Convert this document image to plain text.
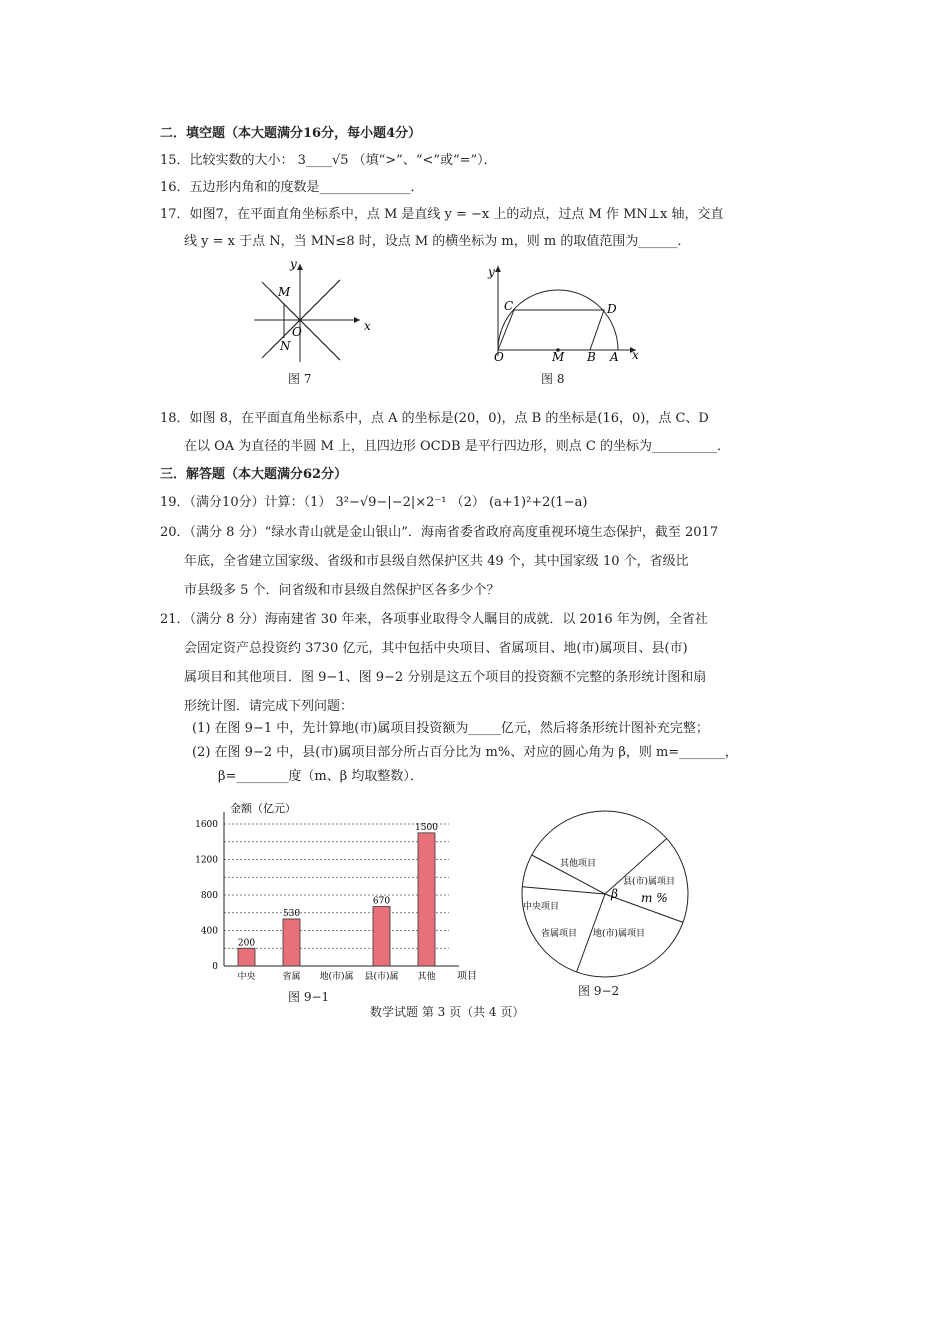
二．填空题（本大题满分16分，每小题4分）
15．比较实数的大小： 3____√5 （填“>”、“<”或“=”）．
16．五边形内角和的度数是______________．
17．如图7，在平面直角坐标系中，点 M 是直线 y = −x 上的动点，过点 M 作 MN⊥x 轴，交直
线 y = x 于点 N，当 MN≤8 时，设点 M 的横坐标为 m，则 m 的取值范围为______．
x
y
M
O
N
图 7
y
C	D
O	M B A x
图 8
18．如图 8，在平面直角坐标系中，点 A 的坐标是(20，0)，点 B 的坐标是(16，0)，点 C、D
在以 OA 为直径的半圆 M 上，且四边形 OCDB 是平行四边形，则点 C 的坐标为__________．
三．解答题（本大题满分62分）
19．（满分10分）计算：（1） 3²−√9−|−2|×2⁻¹ （2） (a+1)²+2(1−a)
20．（满分 8 分）“绿水青山就是金山银山”．海南省委省政府高度重视环境生态保护，截至 2017
年底，全省建立国家级、省级和市县级自然保护区共 49 个，其中国家级 10 个，省级比
市县级多 5 个．问省级和市县级自然保护区各多少个？
21．（满分 8 分）海南建省 30 年来，各项事业取得令人瞩目的成就．以 2016 年为例，全省社
会固定资产总投资约 3730 亿元，其中包括中央项目、省属项目、地(市)属项目、县(市)
属项目和其他项目．图 9−1、图 9−2 分别是这五个项目的投资额不完整的条形统计图和扇
形统计图．请完成下列问题：
(1) 在图 9−1 中，先计算地(市)属项目投资额为_____亿元，然后将条形统计图补充完整；
(2) 在图 9−2 中，县(市)属项目部分所占百分比为 m%、对应的圆心角为 β，则 m=_______，
β=________度（m、β 均取整数）．
金额（亿元）
0
400
800
1200
1600
200
中央
530
省属 地(市)属
670
县(市)属
1500
其他 项目
图 9−1
其他项目
县(市)属项目
地(市)属项目
省属项目
中央项目
β m %
图 9−2
数学试题 第 3 页（共 4 页）
